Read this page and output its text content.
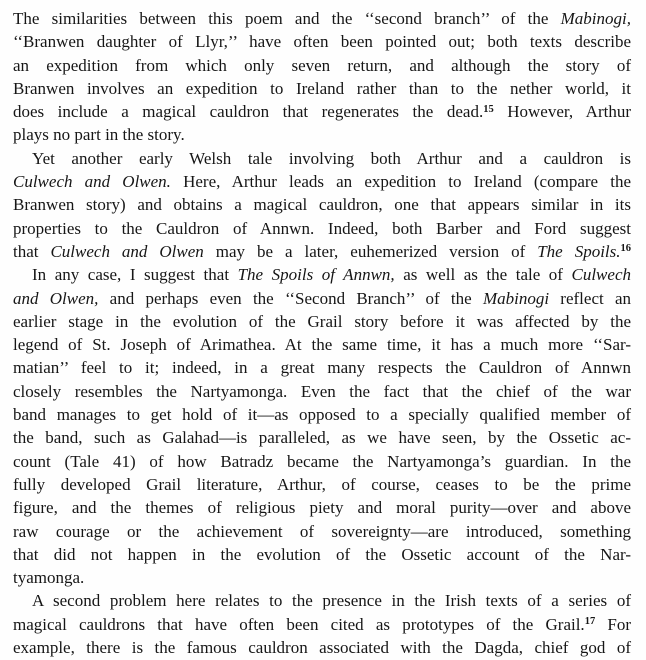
The similarities between this poem and the ‘‘second branch’’ of the Mabinogi,
‘‘Branwen daughter of Llyr,’’ have often been pointed out; both texts describe
an expedition from which only seven return, and although the story of
Branwen involves an expedition to Ireland rather than to the nether world, it
does include a magical cauldron that regenerates the dead.$^{15}$ However, Arthur
plays no part in the story.
Yet another early Welsh tale involving both Arthur and a cauldron is
Culwech and Olwen. Here, Arthur leads an expedition to Ireland (compare the
Branwen story) and obtains a magical cauldron, one that appears similar in its
properties to the Cauldron of Annwn. Indeed, both Barber and Ford suggest
that Culwech and Olwen may be a later, euhemerized version of The Spoils.$^{16}$
In any case, I suggest that The Spoils of Annwn, as well as the tale of Culwech
and Olwen, and perhaps even the ‘‘Second Branch’’ of the Mabinogi reflect an
earlier stage in the evolution of the Grail story before it was affected by the
legend of St. Joseph of Arimathea. At the same time, it has a much more ‘‘Sar-
matian’’ feel to it; indeed, in a great many respects the Cauldron of Annwn
closely resembles the Nartyamonga. Even the fact that the chief of the war
band manages to get hold of it—as opposed to a specially qualified member of
the band, such as Galahad—is paralleled, as we have seen, by the Ossetic ac-
count (Tale 41) of how Batradz became the Nartyamonga’s guardian. In the
fully developed Grail literature, Arthur, of course, ceases to be the prime
figure, and the themes of religious piety and moral purity—over and above
raw courage or the achievement of sovereignty—are introduced, something
that did not happen in the evolution of the Ossetic account of the Nar-
tyamonga.
A second problem here relates to the presence in the Irish texts of a series of
magical cauldrons that have often been cited as prototypes of the Grail.$^{17}$ For
example, there is the famous cauldron associated with the Dagda, chief god of
